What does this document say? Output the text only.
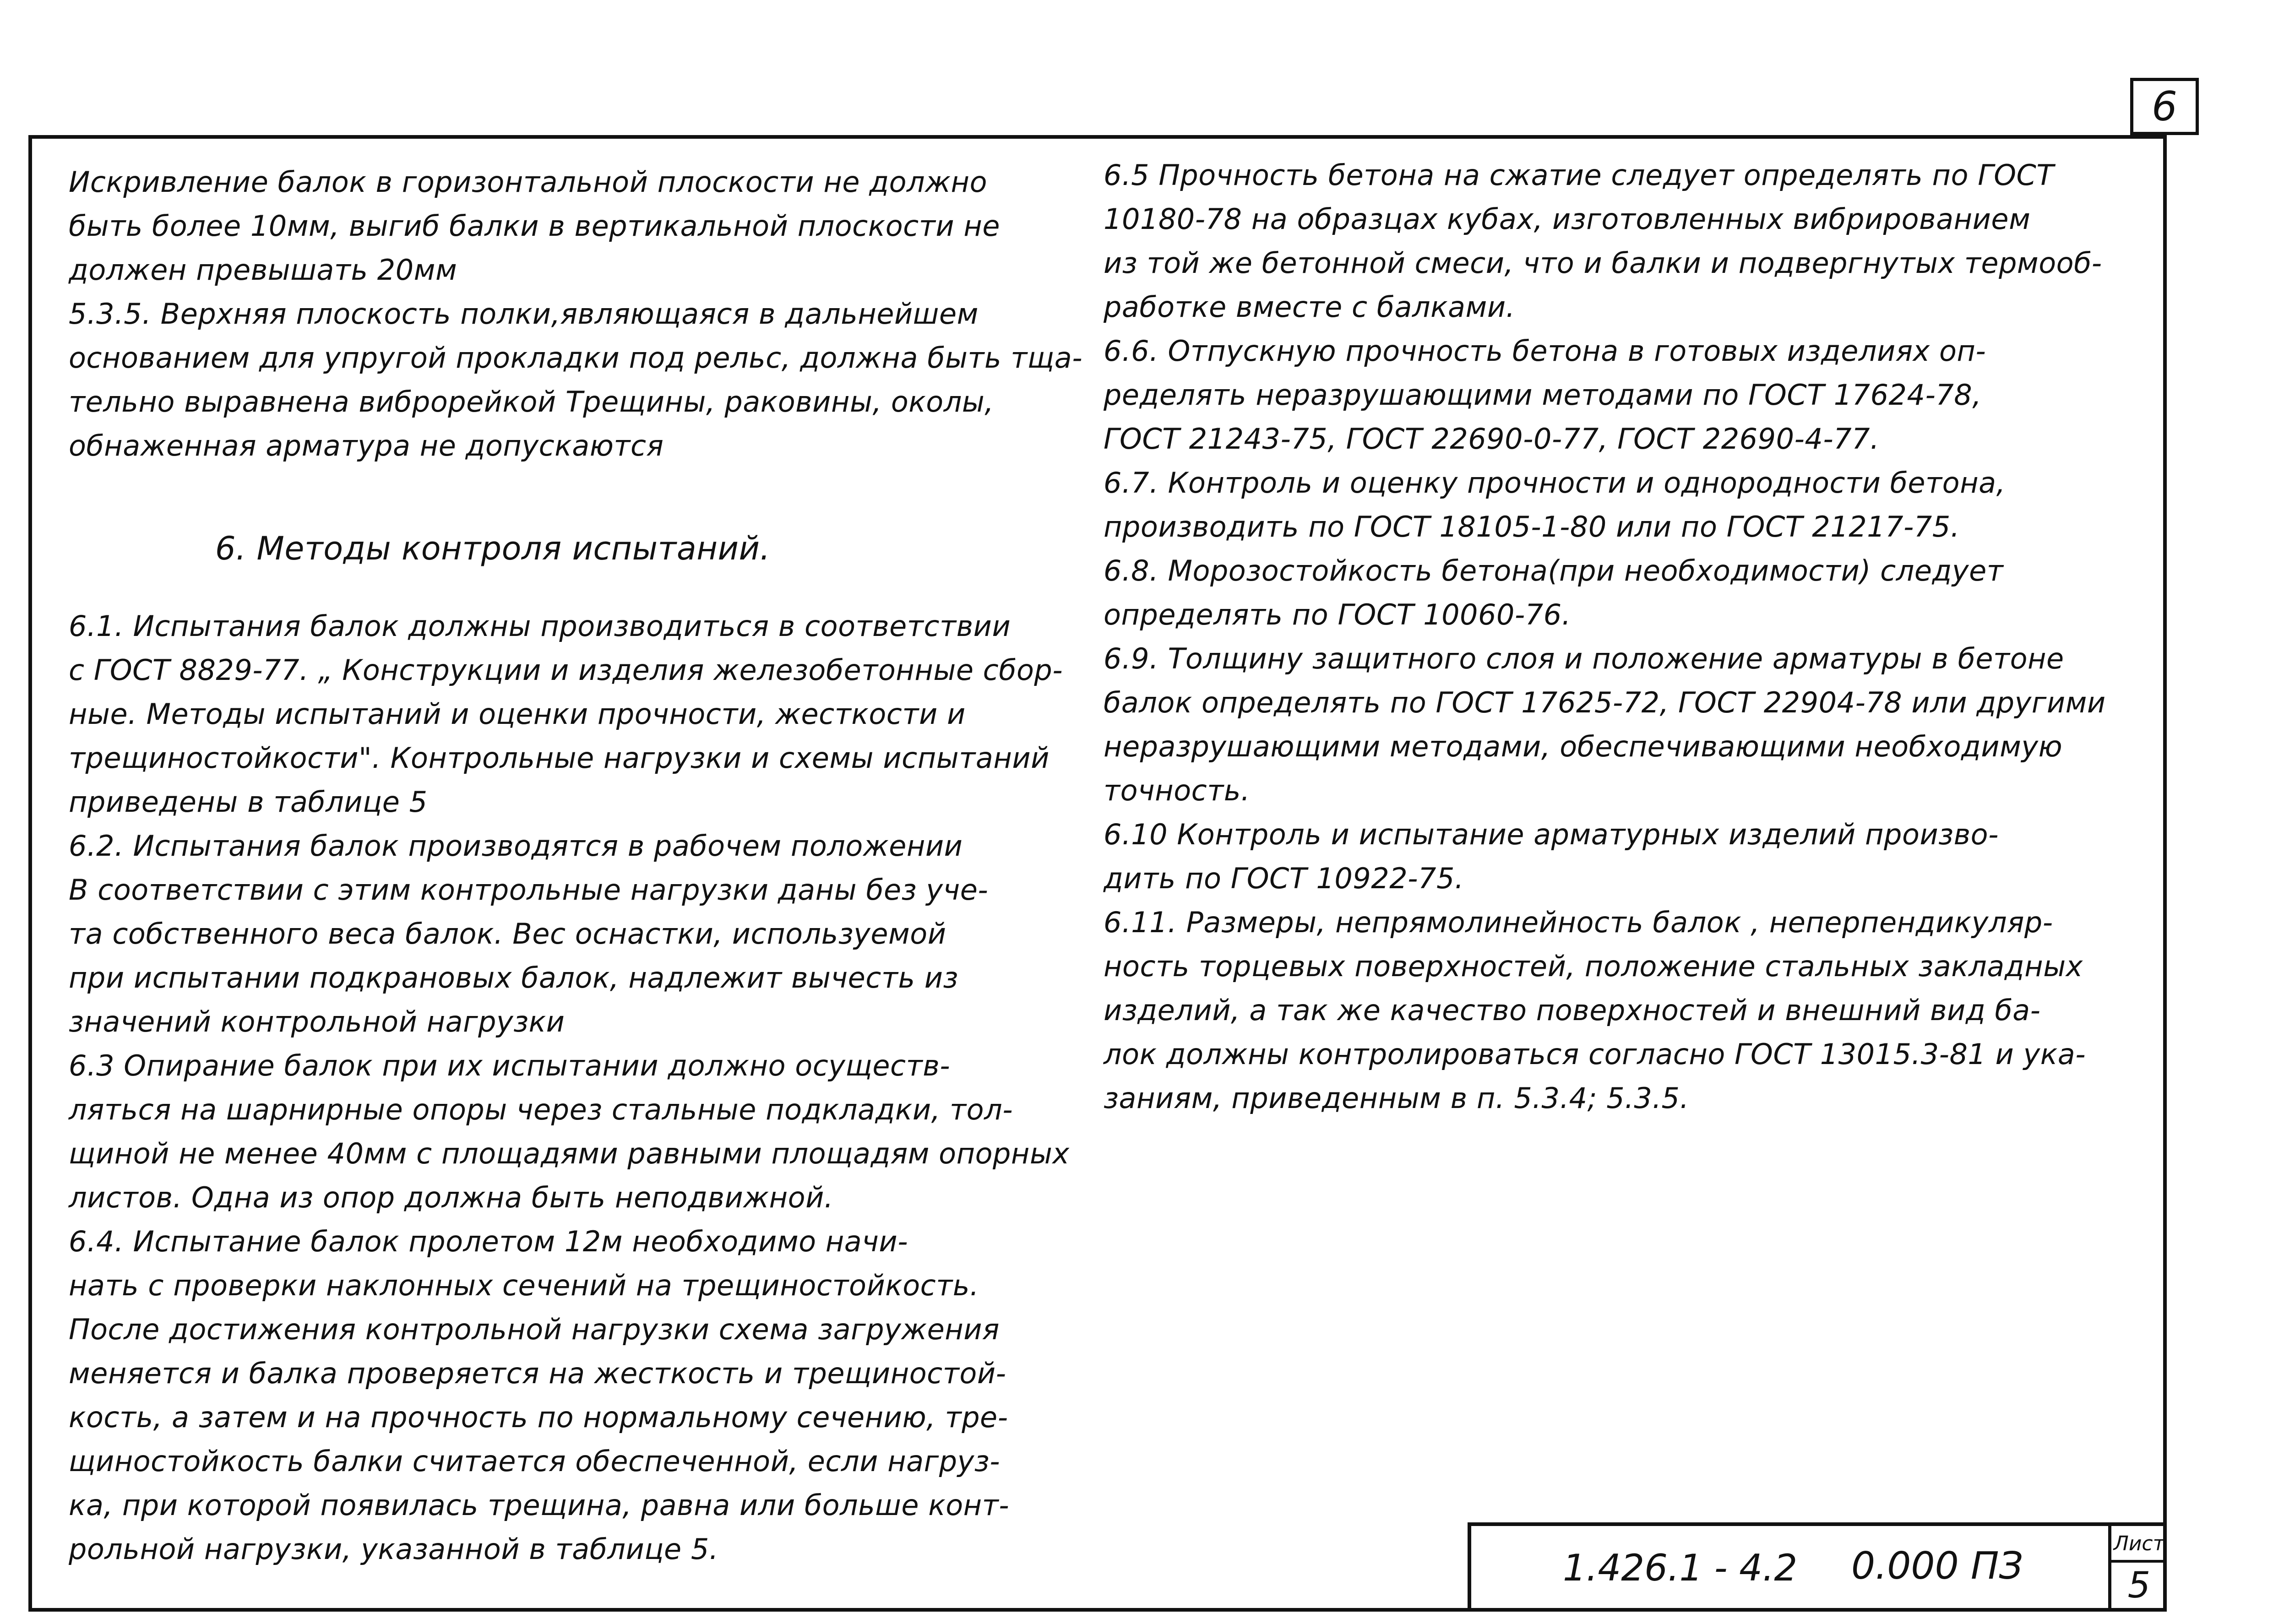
6

Искривление балок в горизонтальной плоскости не должно

быть более 10мм, выгиб балки в вертикальной плоскости не

должен превышать 20мм

5.3.5. Верхняя плоскость полки,являющаяся в дальнейшем

основанием для упругой прокладки под рельс, должна быть тща-

тельно выравнена виброрейкой Трещины, раковины, околы,

обнаженная арматура не допускаются

6. Методы контроля испытаний.

6.1. Испытания балок должны производиться в соответствии

с ГОСТ 8829-77. „ Конструкции и изделия железобетонные сбор-

ные. Методы испытаний и оценки прочности, жесткости и

трещиностойкости". Контрольные нагрузки и схемы испытаний

приведены в таблице 5

6.2. Испытания балок производятся в рабочем положении

В соответствии с этим контрольные нагрузки даны без уче-

та собственного веса балок. Вес оснастки, используемой

при испытании подкрановых балок, надлежит вычесть из

значений контрольной нагрузки

6.3 Опирание балок при их испытании должно осуществ-

ляться на шарнирные опоры через стальные подкладки, тол-

щиной не менее 40мм с площадями равными площадям опорных

листов. Одна из опор должна быть неподвижной.

6.4. Испытание балок пролетом 12м необходимо начи-

нать с проверки наклонных сечений на трещиностойкость.

После достижения контрольной нагрузки схема загружения

меняется и балка проверяется на жесткость и трещиностой-

кость, а затем и на прочность по нормальному сечению, тре-

щиностойкость балки считается обеспеченной, если нагруз-

ка, при которой появилась трещина, равна или больше конт-

рольной нагрузки, указанной в таблице 5.

6.5 Прочность бетона на сжатие следует определять по ГОСТ

10180-78 на образцах кубах, изготовленных вибрированием

из той же бетонной смеси, что и балки и подвергнутых термооб-

работке вместе с балками.

6.6. Отпускную прочность бетона в готовых изделиях оп-

ределять неразрушающими методами по ГОСТ 17624-78,

ГОСТ 21243-75, ГОСТ 22690-0-77, ГОСТ 22690-4-77.

6.7. Контроль и оценку прочности и однородности бетона,

производить по ГОСТ 18105-1-80 или по ГОСТ 21217-75.

6.8. Морозостойкость бетона(при необходимости) следует

определять по ГОСТ 10060-76.

6.9. Толщину защитного слоя и положение арматуры в бетоне

балок определять по ГОСТ 17625-72, ГОСТ 22904-78 или другими

неразрушающими методами, обеспечивающими необходимую

точность.

6.10 Контроль и испытание арматурных изделий произво-

дить по ГОСТ 10922-75.

6.11. Размеры, непрямолинейность балок , неперпендикуляр-

ность торцевых поверхностей, положение стальных закладных

изделий, а так же качество поверхностей и внешний вид ба-

лок должны контролироваться согласно ГОСТ 13015.3-81 и ука-

заниям, приведенным в п. 5.3.4; 5.3.5.

1.426.1 - 4.2 0.000 ПЗ
Лист
5
